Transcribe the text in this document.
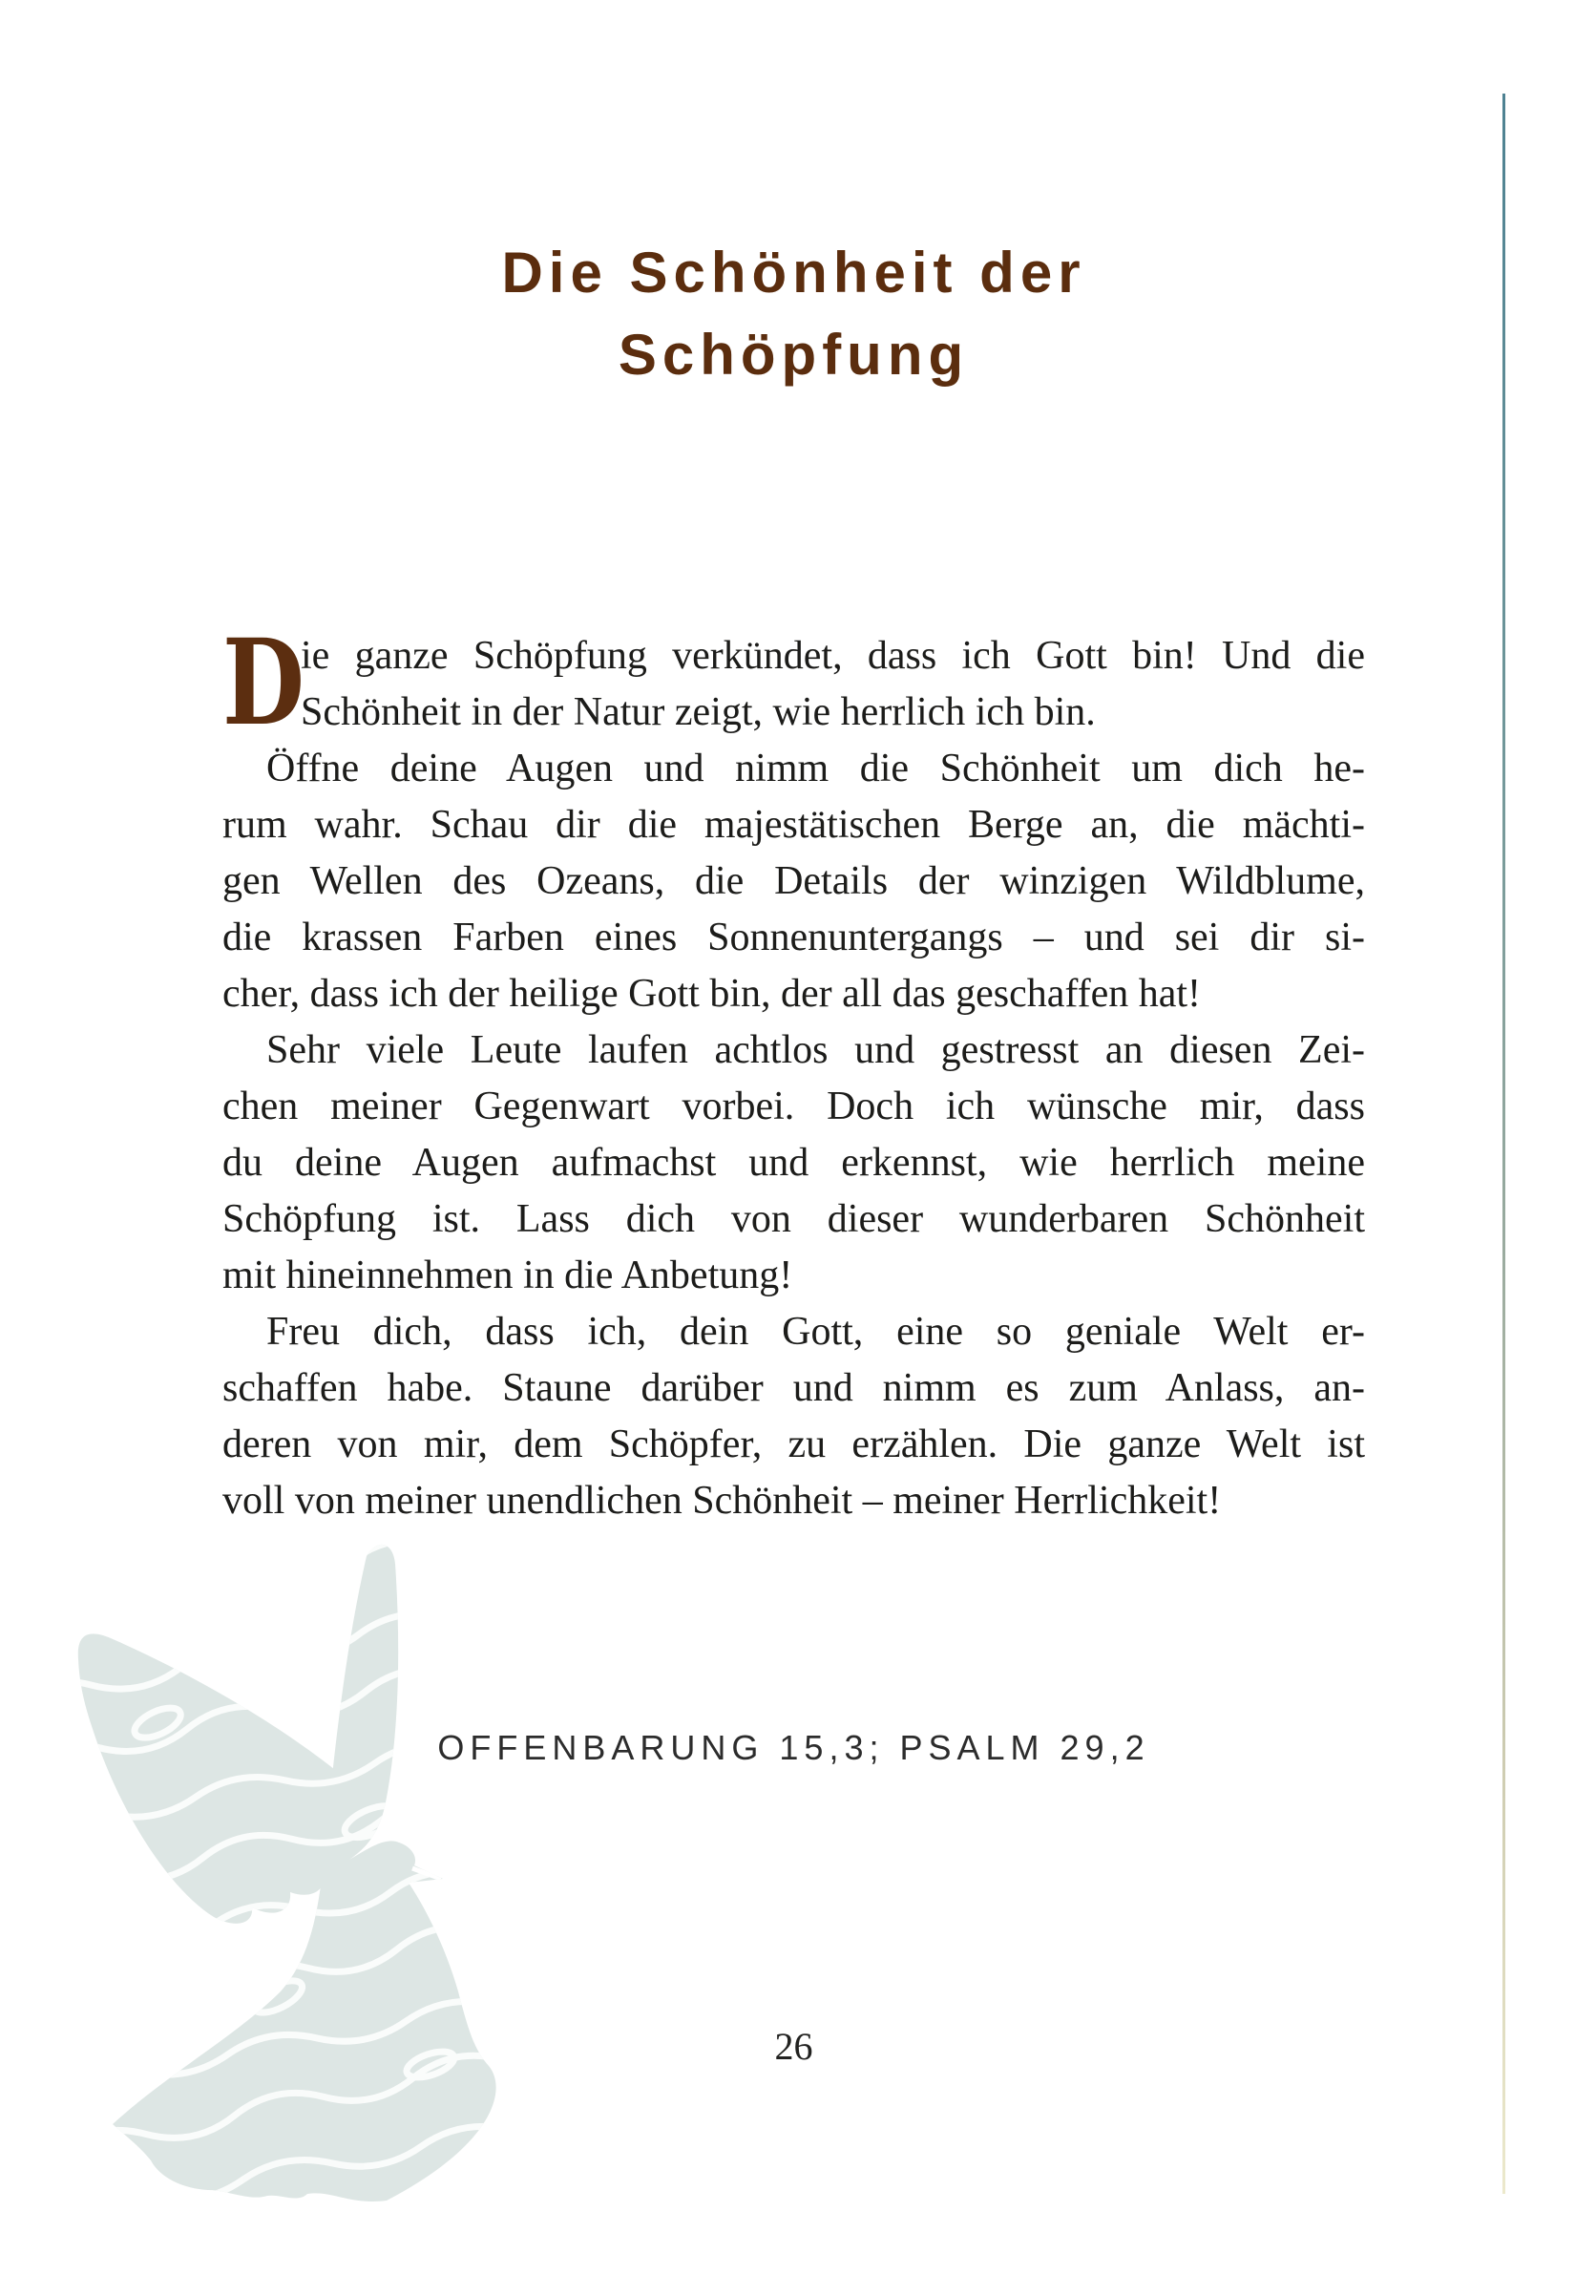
Die Schönheit der
Schöpfung
D
ie ganze Schöpfung verkündet, dass ich Gott bin! Und die
Schönheit in der Natur zeigt, wie herrlich ich bin.
Öffne deine Augen und nimm die Schönheit um dich he-
rum wahr. Schau dir die majestätischen Berge an, die mächti-
gen Wellen des Ozeans, die Details der winzigen Wildblume,
die krassen Farben eines Sonnenuntergangs – und sei dir si-
cher, dass ich der heilige Gott bin, der all das geschaffen hat!
Sehr viele Leute laufen achtlos und gestresst an diesen Zei-
chen meiner Gegenwart vorbei. Doch ich wünsche mir, dass
du deine Augen aufmachst und erkennst, wie herrlich meine
Schöpfung ist. Lass dich von dieser wunderbaren Schönheit
mit hineinnehmen in die Anbetung!
Freu dich, dass ich, dein Gott, eine so geniale Welt er-
schaffen habe. Staune darüber und nimm es zum Anlass, an-
deren von mir, dem Schöpfer, zu erzählen. Die ganze Welt ist
voll von meiner unendlichen Schönheit – meiner Herrlichkeit!
OFFENBARUNG 15,3; PSALM 29,2
26
